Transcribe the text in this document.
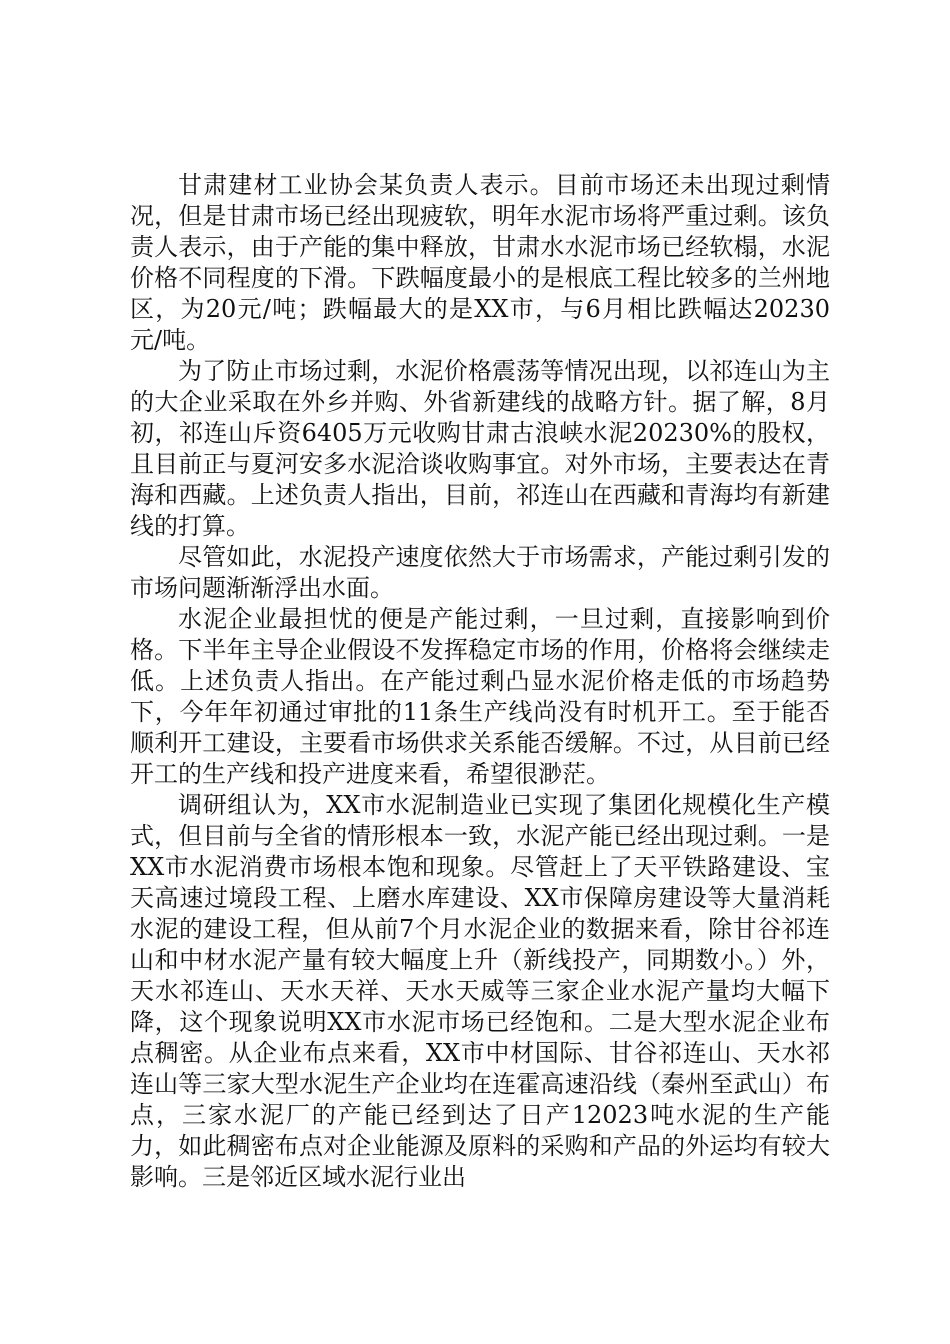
甘肃建材工业协会某负责人表示。目前市场还未出现过剩情况，但是甘肃市场已经出现疲软，明年水泥市场将严重过剩。该负责人表示，由于产能的集中释放，甘肃水水泥市场已经软榻，水泥价格不同程度的下滑。下跌幅度最小的是根底工程比较多的兰州地区，为20元/吨；跌幅最大的是XX市，与6月相比跌幅达20230元/吨。

为了防止市场过剩，水泥价格震荡等情况出现，以祁连山为主的大企业采取在外乡并购、外省新建线的战略方针。据了解，8月初，祁连山斥资6405万元收购甘肃古浪峡水泥20230%的股权，且目前正与夏河安多水泥洽谈收购事宜。对外市场，主要表达在青海和西藏。上述负责人指出，目前，祁连山在西藏和青海均有新建线的打算。

尽管如此，水泥投产速度依然大于市场需求，产能过剩引发的市场问题渐渐浮出水面。

水泥企业最担忧的便是产能过剩，一旦过剩，直接影响到价格。下半年主导企业假设不发挥稳定市场的作用，价格将会继续走低。上述负责人指出。在产能过剩凸显水泥价格走低的市场趋势下，今年年初通过审批的11条生产线尚没有时机开工。至于能否顺利开工建设，主要看市场供求关系能否缓解。不过，从目前已经开工的生产线和投产进度来看，希望很渺茫。

调研组认为，XX市水泥制造业已实现了集团化规模化生产模式，但目前与全省的情形根本一致，水泥产能已经出现过剩。一是XX市水泥消费市场根本饱和现象。尽管赶上了天平铁路建设、宝天高速过境段工程、上磨水库建设、XX市保障房建设等大量消耗水泥的建设工程，但从前7个月水泥企业的数据来看，除甘谷祁连山和中材水泥产量有较大幅度上升（新线投产，同期数小。）外，天水祁连山、天水天祥、天水天威等三家企业水泥产量均大幅下降，这个现象说明XX市水泥市场已经饱和。二是大型水泥企业布点稠密。从企业布点来看，XX市中材国际、甘谷祁连山、天水祁连山等三家大型水泥生产企业均在连霍高速沿线（秦州至武山）布点，三家水泥厂的产能已经到达了日产12023吨水泥的生产能力，如此稠密布点对企业能源及原料的采购和产品的外运均有较大影响。三是邻近区域水泥行业出
